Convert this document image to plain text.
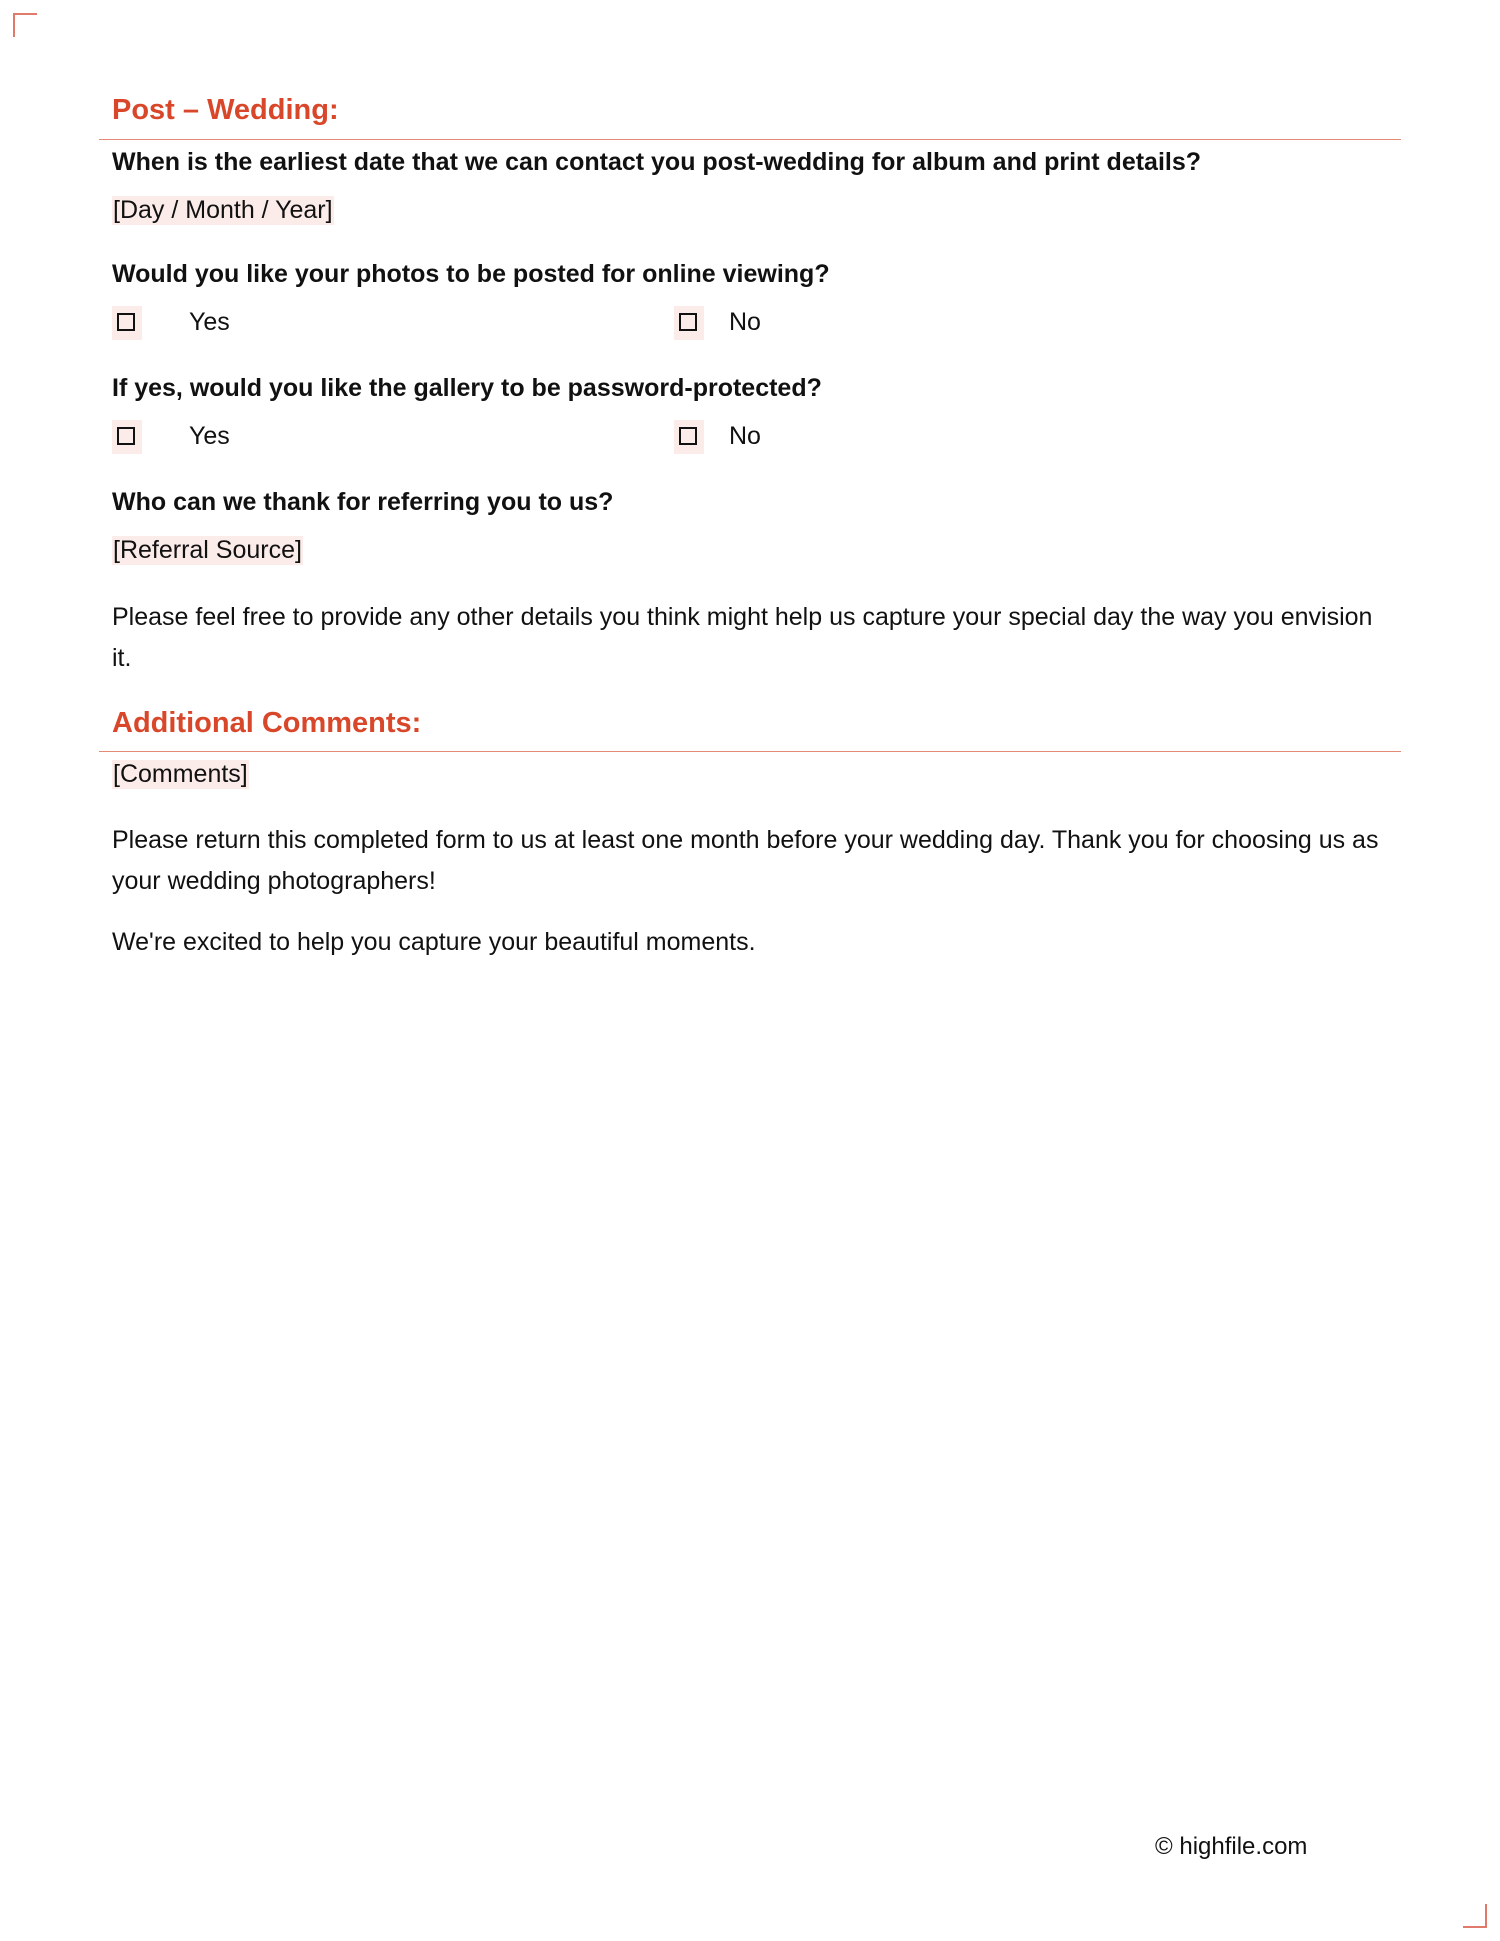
Post – Wedding:
When is the earliest date that we can contact you post-wedding for album and print details?
[Day / Month / Year]
Would you like your photos to be posted for online viewing?
Yes	No
If yes, would you like the gallery to be password-protected?
Yes	No
Who can we thank for referring you to us?
[Referral Source]
Please feel free to provide any other details you think might help us capture your special day the way you envision it.
Additional Comments:
[Comments]
Please return this completed form to us at least one month before your wedding day. Thank you for choosing us as your wedding photographers!
We're excited to help you capture your beautiful moments.
© highfile.com
